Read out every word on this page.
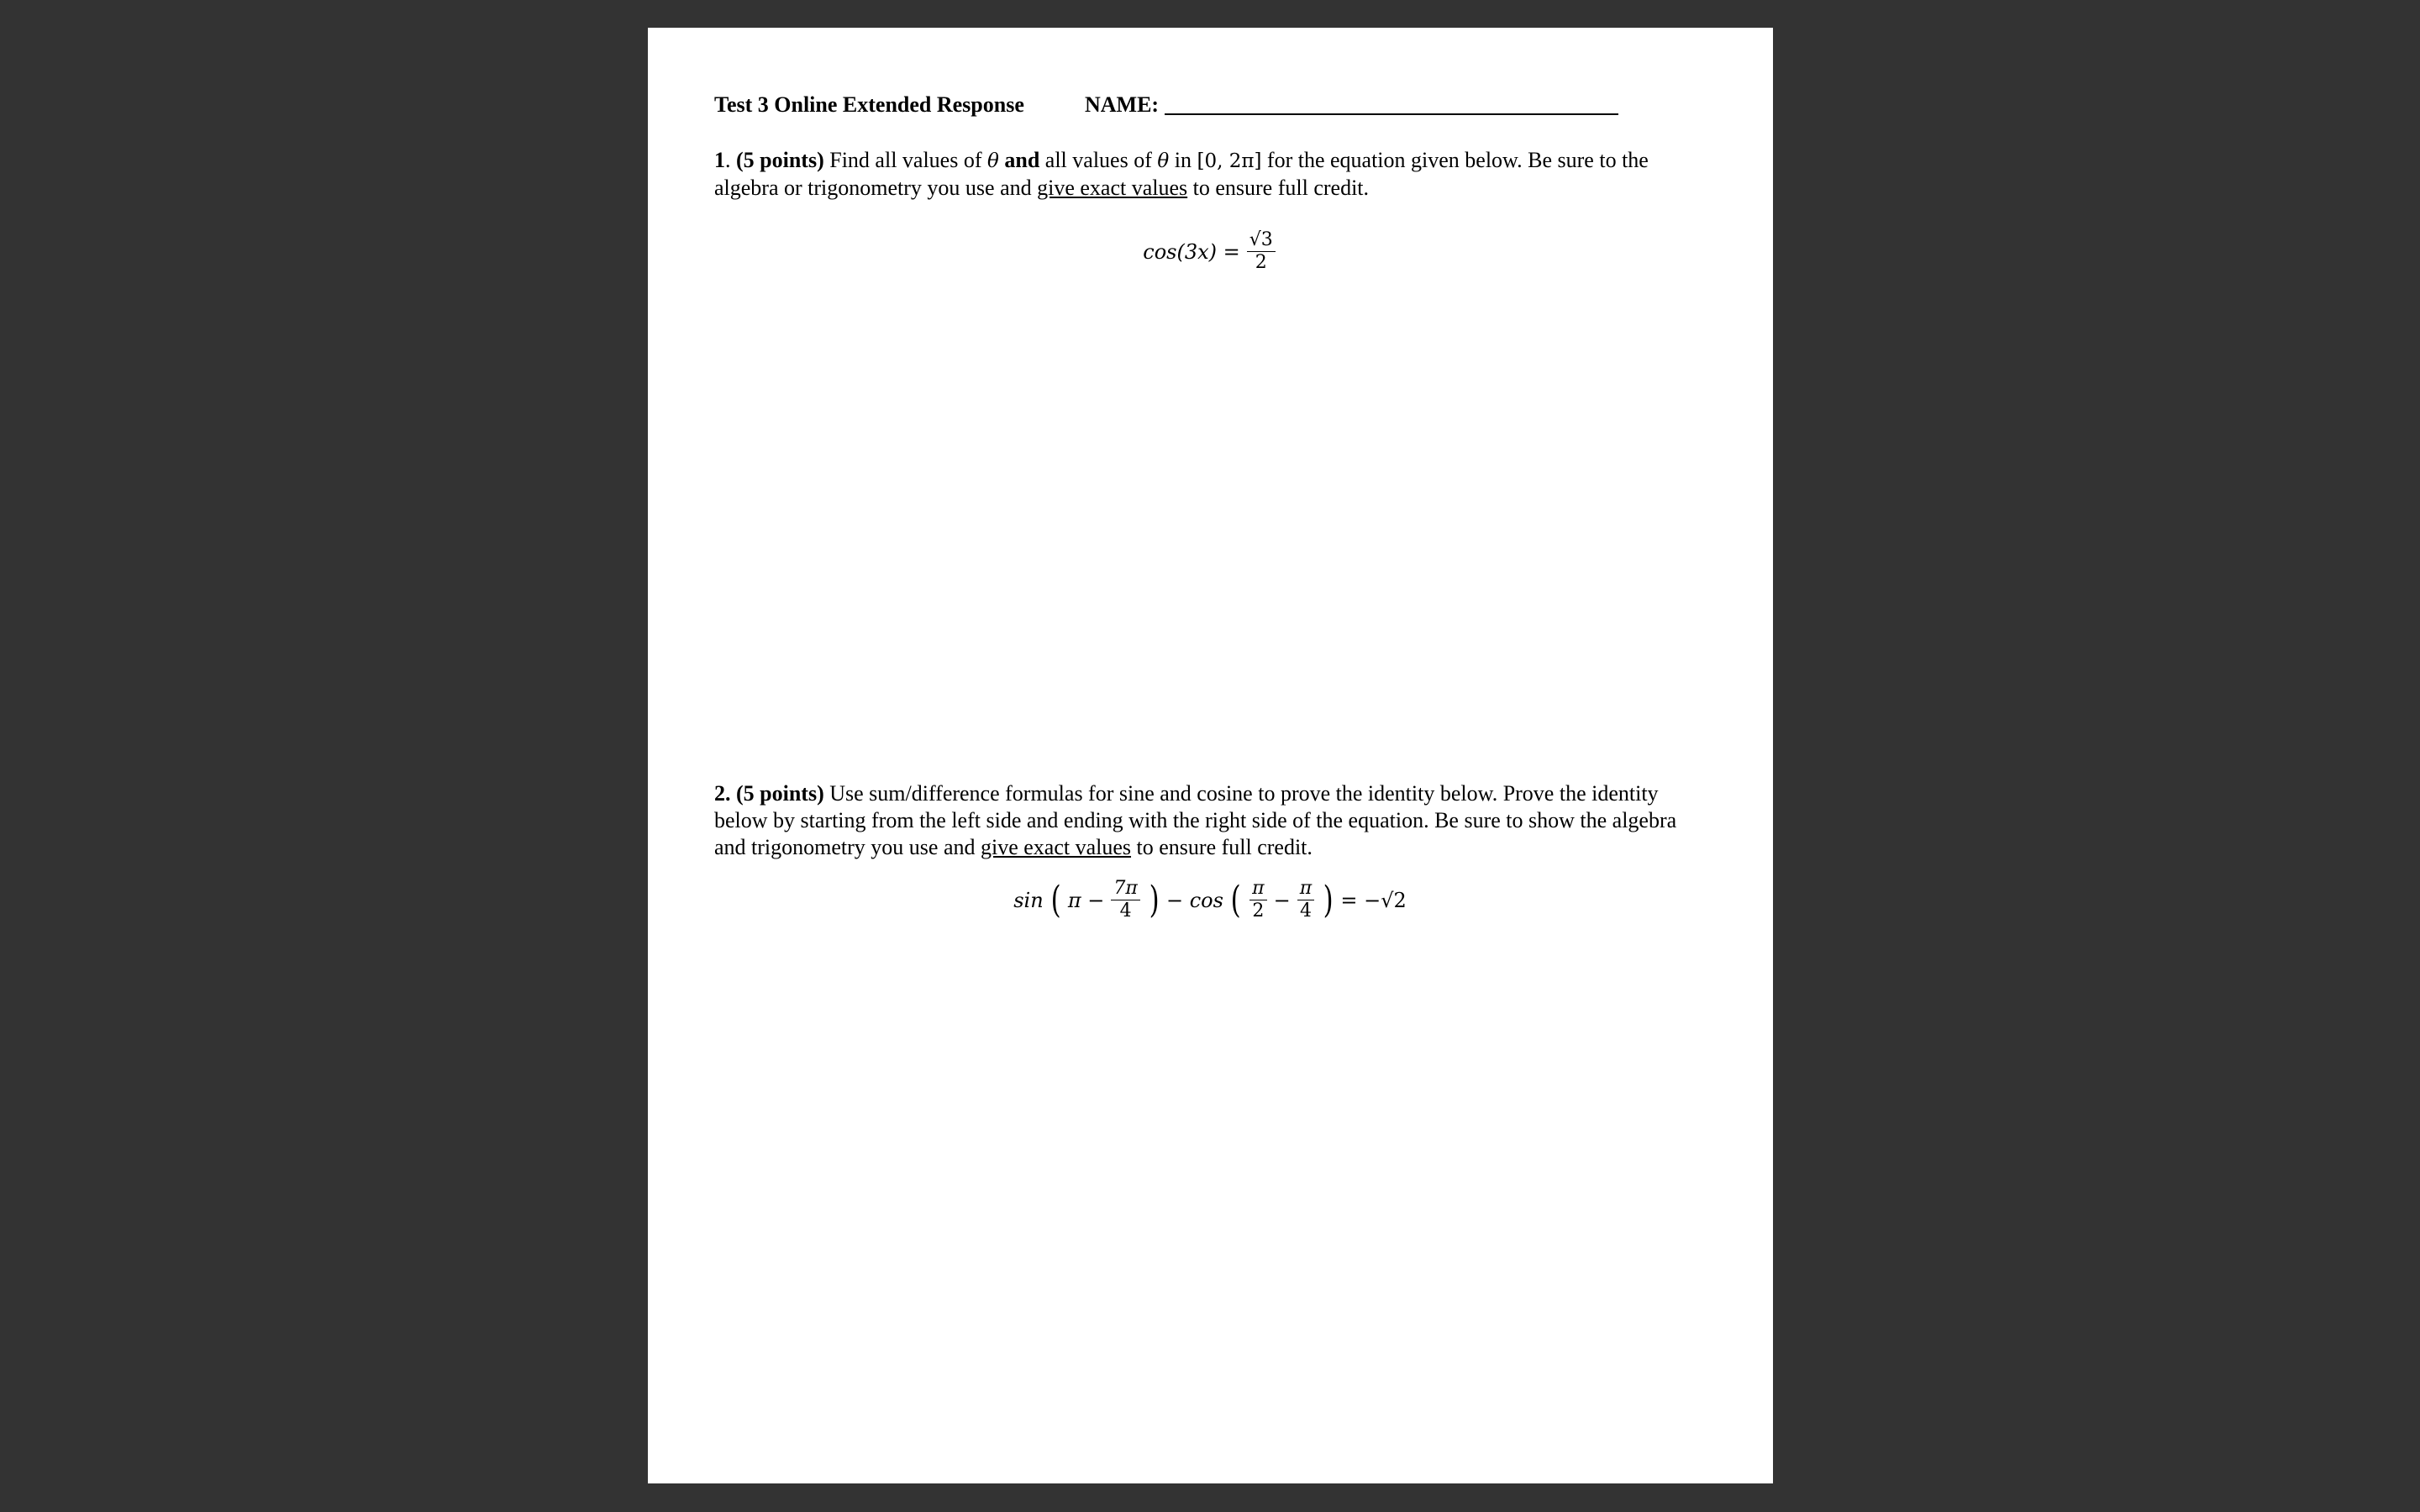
Test 3 Online Extended Response	NAME:
1. (5 points) Find all values of θ and all values of θ in [0, 2π] for the equation given below. Be sure to the algebra or trigonometry you use and give exact values to ensure full credit.
$\cos(3x) = \frac{√3}{2}$
2. (5 points) Use sum/difference formulas for sine and cosine to prove the identity below. Prove the identity below by starting from the left side and ending with the right side of the equation. Be sure to show the algebra and trigonometry you use and give exact values to ensure full credit.
sin ( $\pi - \frac{7\pi}{4}$ ) − cos ( $\frac{\pi}{2} - \frac{\pi}{4}$ ) = −√2
